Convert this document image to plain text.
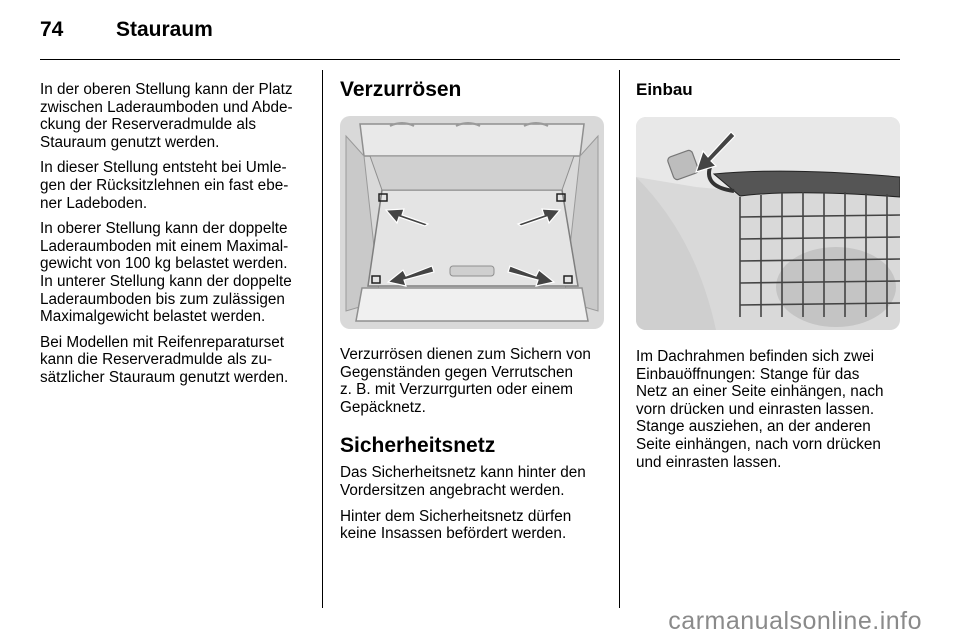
74	Stauraum

In der oberen Stellung kann der Platz
zwischen Laderaumboden und Abde-
ckung der Reserveradmulde als
Stauraum genutzt werden.

In dieser Stellung entsteht bei Umle-
gen der Rücksitzlehnen ein fast ebe-
ner Ladeboden.

In oberer Stellung kann der doppelte
Laderaumboden mit einem Maximal-
gewicht von 100 kg belastet werden.
In unterer Stellung kann der doppelte
Laderaumboden bis zum zulässigen
Maximalgewicht belastet werden.

Bei Modellen mit Reifenreparaturset
kann die Reserveradmulde als zu-
sätzlicher Stauraum genutzt werden.

Verzurrösen

Verzurrösen dienen zum Sichern von
Gegenständen gegen Verrutschen
z. B. mit Verzurrgurten oder einem
Gepäcknetz.

Sicherheitsnetz

Das Sicherheitsnetz kann hinter den
Vordersitzen angebracht werden.

Hinter dem Sicherheitsnetz dürfen
keine Insassen befördert werden.

Einbau

Im Dachrahmen befinden sich zwei
Einbauöffnungen: Stange für das
Netz an einer Seite einhängen, nach
vorn drücken und einrasten lassen.
Stange ausziehen, an der anderen
Seite einhängen, nach vorn drücken
und einrasten lassen.

carmanualsonline.info
